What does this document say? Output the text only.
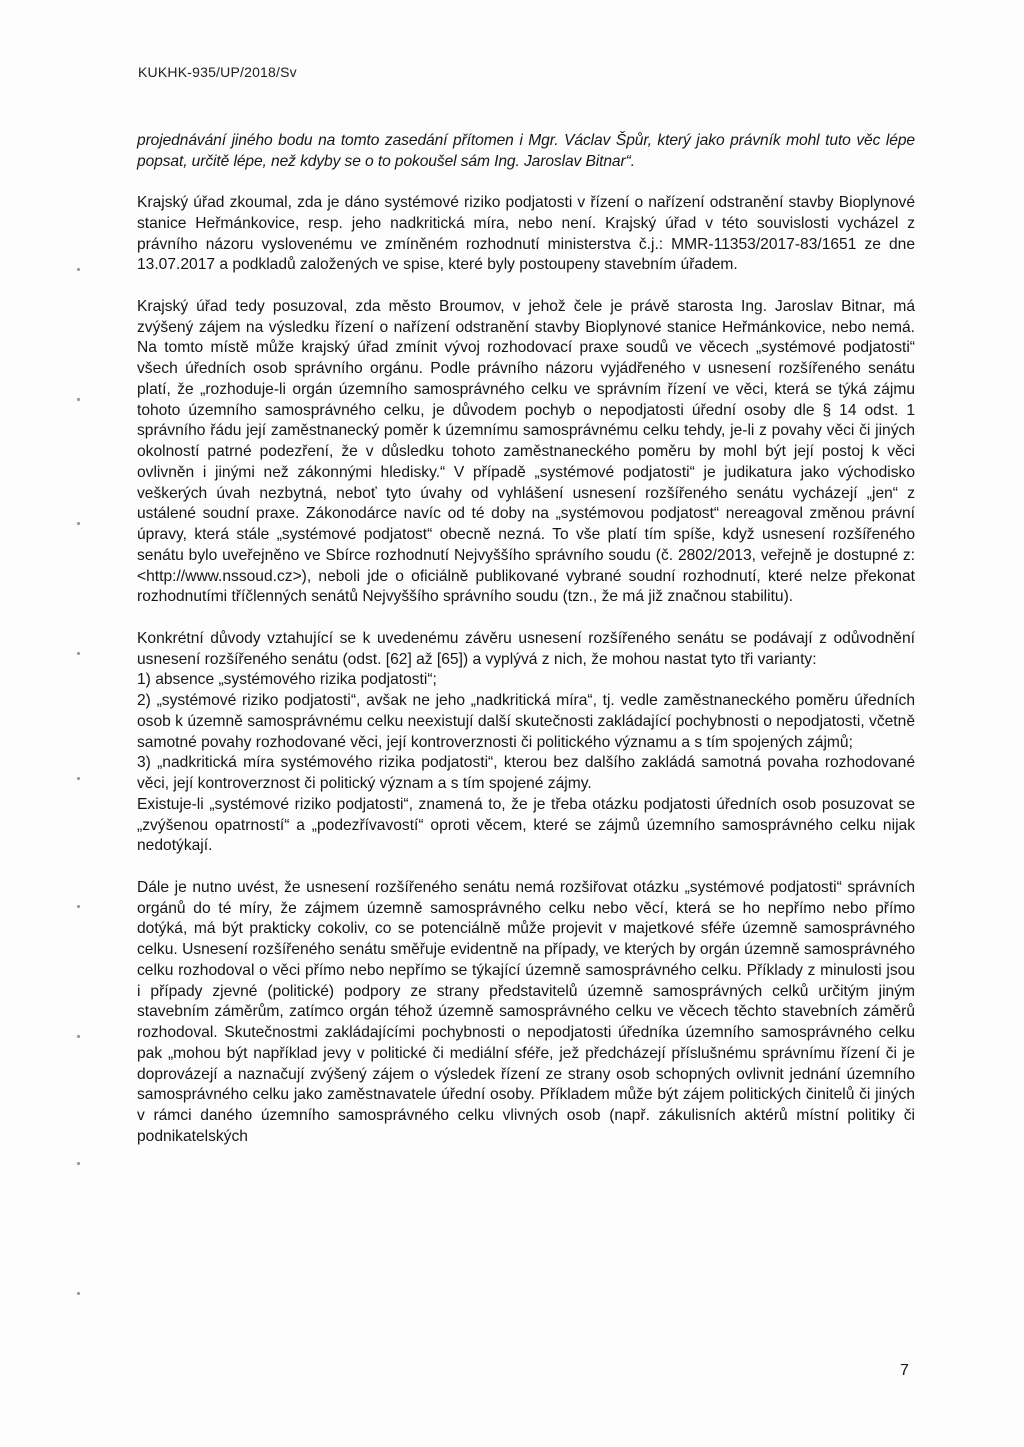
KUKHK-935/UP/2018/Sv

projednávání jiného bodu na tomto zasedání přítomen i Mgr. Václav Špůr, který jako právník mohl tuto věc lépe popsat, určitě lépe, než kdyby se o to pokoušel sám Ing. Jaroslav Bitnar“.

Krajský úřad zkoumal, zda je dáno systémové riziko podjatosti v řízení o nařízení odstranění stavby Bioplynové stanice Heřmánkovice, resp. jeho nadkritická míra, nebo není. Krajský úřad v této souvislosti vycházel z právního názoru vyslovenému ve zmíněném rozhodnutí ministerstva č.j.: MMR-11353/2017-83/1651 ze dne 13.07.2017 a podkladů založených ve spise, které byly postoupeny stavebním úřadem.

Krajský úřad tedy posuzoval, zda město Broumov, v jehož čele je právě starosta Ing. Jaroslav Bitnar, má zvýšený zájem na výsledku řízení o nařízení odstranění stavby Bioplynové stanice Heřmánkovice, nebo nemá. Na tomto místě může krajský úřad zmínit vývoj rozhodovací praxe soudů ve věcech „systémové podjatosti“ všech úředních osob správního orgánu. Podle právního názoru vyjádřeného v usnesení rozšířeného senátu platí, že „rozhoduje-li orgán územního samosprávného celku ve správním řízení ve věci, která se týká zájmu tohoto územního samosprávného celku, je důvodem pochyb o nepodjatosti úřední osoby dle § 14 odst. 1 správního řádu její zaměstnanecký poměr k územnímu samosprávnému celku tehdy, je-li z povahy věci či jiných okolností patrné podezření, že v důsledku tohoto zaměstnaneckého poměru by mohl být její postoj k věci ovlivněn i jinými než zákonnými hledisky.“ V případě „systémové podjatosti“ je judikatura jako východisko veškerých úvah nezbytná, neboť tyto úvahy od vyhlášení usnesení rozšířeného senátu vycházejí „jen“ z ustálené soudní praxe. Zákonodárce navíc od té doby na „systémovou podjatost“ nereagoval změnou právní úpravy, která stále „systémové podjatost“ obecně nezná. To vše platí tím spíše, když usnesení rozšířeného senátu bylo uveřejněno ve Sbírce rozhodnutí Nejvyššího správního soudu (č. 2802/2013, veřejně je dostupné z: <http://www.nssoud.cz>), neboli jde o oficiálně publikované vybrané soudní rozhodnutí, které nelze překonat rozhodnutími tříčlenných senátů Nejvyššího správního soudu (tzn., že má již značnou stabilitu).

Konkrétní důvody vztahující se k uvedenému závěru usnesení rozšířeného senátu se podávají z odůvodnění usnesení rozšířeného senátu (odst. [62] až [65]) a vyplývá z nich, že mohou nastat tyto tři varianty:

1) absence „systémového rizika podjatosti“;

2) „systémové riziko podjatosti“, avšak ne jeho „nadkritická míra“, tj. vedle zaměstnaneckého poměru úředních osob k územně samosprávnému celku neexistují další skutečnosti zakládající pochybnosti o nepodjatosti, včetně samotné povahy rozhodované věci, její kontroverznosti či politického významu a s tím spojených zájmů;

3) „nadkritická míra systémového rizika podjatosti“, kterou bez dalšího zakládá samotná povaha rozhodované věci, její kontroverznost či politický význam a s tím spojené zájmy.

Existuje-li „systémové riziko podjatosti“, znamená to, že je třeba otázku podjatosti úředních osob posuzovat se „zvýšenou opatrností“ a „podezřívavostí“ oproti věcem, které se zájmů územního samosprávného celku nijak nedotýkají.

Dále je nutno uvést, že usnesení rozšířeného senátu nemá rozšiřovat otázku „systémové podjatosti“ správních orgánů do té míry, že zájmem územně samosprávného celku nebo věcí, která se ho nepřímo nebo přímo dotýká, má být prakticky cokoliv, co se potenciálně může projevit v majetkové sféře územně samosprávného celku. Usnesení rozšířeného senátu směřuje evidentně na případy, ve kterých by orgán územně samosprávného celku rozhodoval o věci přímo nebo nepřímo se týkající územně samosprávného celku. Příklady z minulosti jsou i případy zjevné (politické) podpory ze strany představitelů územně samosprávných celků určitým jiným stavebním záměrům, zatímco orgán téhož územně samosprávného celku ve věcech těchto stavebních záměrů rozhodoval. Skutečnostmi zakládajícími pochybnosti o nepodjatosti úředníka územního samosprávného celku pak „mohou být například jevy v politické či mediální sféře, jež předcházejí příslušnému správnímu řízení či je doprovázejí a naznačují zvýšený zájem o výsledek řízení ze strany osob schopných ovlivnit jednání územního samosprávného celku jako zaměstnavatele úřední osoby. Příkladem může být zájem politických činitelů či jiných v rámci daného územního samosprávného celku vlivných osob (např. zákulisních aktérů místní politiky či podnikatelských

7
